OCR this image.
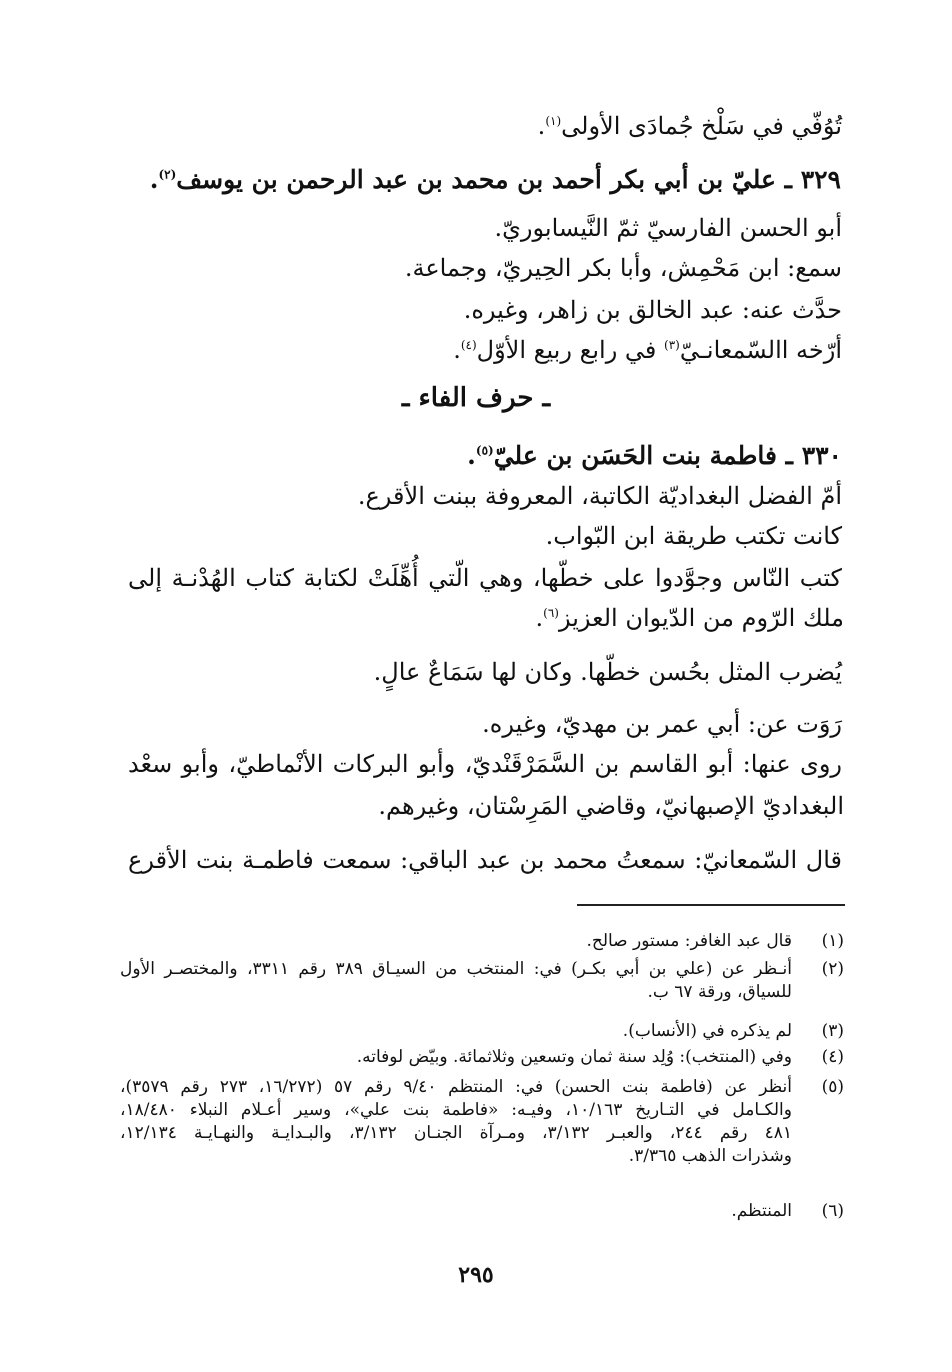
تُوُفّي في سَلْخ جُمادَى الأولى$^{(١)}$.
٣٢٩ ـ عليّ بن أبي بكر أحمد بن محمد بن عبد الرحمن بن يوسف$^{(٢)}$.
أبو الحسن الفارسيّ ثمّ النَّيسابوريّ.
سمع: ابن مَحْمِش، وأبا بكر الحِيريّ، وجماعة.
حدَّث عنه: عبد الخالق بن زاهر، وغيره.
أرّخه االسّمعانـيّ$^{(٣)}$ في رابع ربيع الأوّل$^{(٤)}$.
ـ حرف الفاء ـ
٣٣٠ ـ فاطمة بنت الحَسَن بن عليّ$^{(٥)}$.
أمّ الفضل البغداديّة الكاتبة، المعروفة ببنت الأقرع.
كانت تكتب طريقة ابن البّواب.
كتب النّاس وجوَّدوا على خطّها، وهي الّتي أُهِّلَتْ لكتابة كتاب الهُدْنـة إلى
ملك الرّوم من الدّيوان العزيز$^{(٦)}$.
يُضرب المثل بحُسن خطّها. وكان لها سَمَاعٌ عالٍ.
رَوَت عن: أبي عمر بن مهديّ، وغيره.
روى عنها: أبو القاسم بن السَّمَرْقَنْديّ، وأبو البركات الأنْماطيّ، وأبو سعْد
البغداديّ الإصبهانيّ، وقاضي المَرِسْتان، وغيرهم.
قال السّمعانيّ: سمعتُ محمد بن عبد الباقي: سمعت فاطمـة بنت الأقرع
(١)
قال عبد الغافر: مستور صالح.
(٢)
أنـظر عن (علي بن أبي بكـر) في: المنتخب من السيـاق ٣٨٩ رقم ٣٣١١، والمختصـر الأول
للسياق، ورقة ٦٧ ب.
(٣)
لم يذكره في (الأنساب).
(٤)
وفي (المنتخب): وُلِد سنة ثمان وتسعين وثلاثمائة. وبيّض لوفاته.
(٥)
أنظر عن (فاطمة بنت الحسن) في: المنتظم ٩/٤٠ رقم ٥٧ (١٦/٢٧٢، ٢٧٣ رقم ٣٥٧٩)،
والكـامل في التـاريخ ١٠/١٦٣، وفيـه: «فاطمة بنت علي»، وسير أعـلام النبلاء ١٨/٤٨٠،
٤٨١ رقم ٢٤٤، والعبـر ٣/١٣٢، ومـرآة الجنـان ٣/١٣٢، والبـدايـة والنهـايـة ١٢/١٣٤،
وشذرات الذهب ٣/٣٦٥.
(٦)
المنتظم.
٢٩٥
